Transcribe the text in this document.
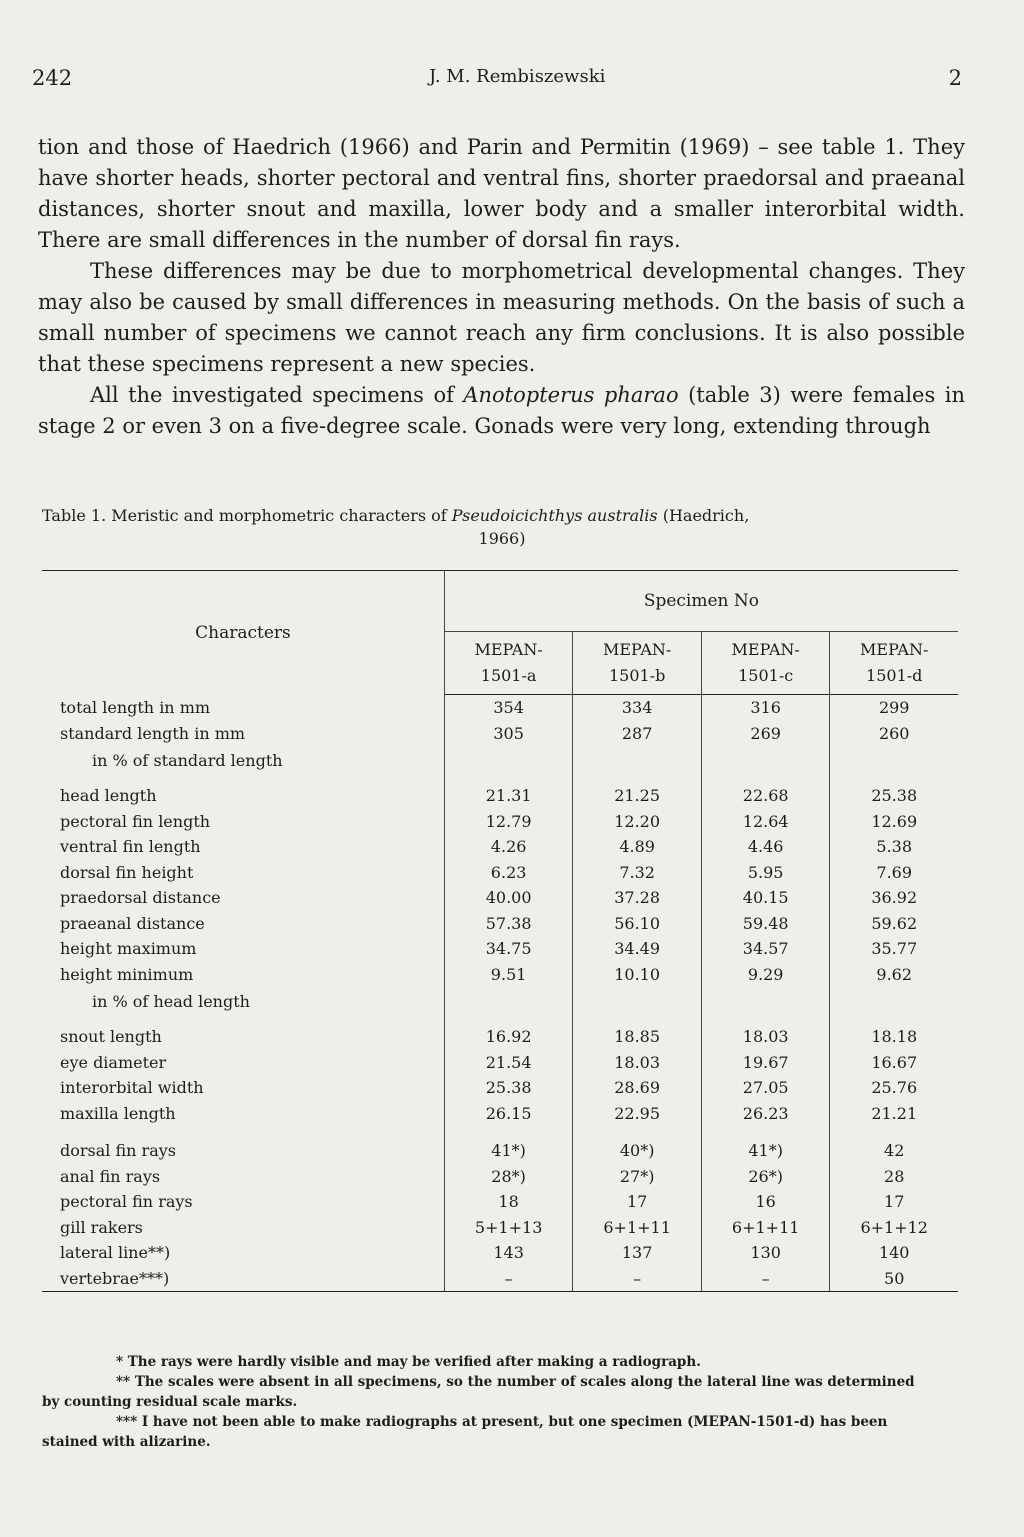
242	J. M. Rembiszewski	2

tion and those of Haedrich (1966) and Parin and Permitin (1969) – see table 1. They have shorter heads, shorter pectoral and ventral fins, shorter praedorsal and praeanal distances, shorter snout and maxilla, lower body and a smaller interorbital width. There are small differences in the number of dorsal fin rays.

These differences may be due to morphometrical developmental changes. They may also be caused by small differences in measuring methods. On the basis of such a small number of specimens we cannot reach any firm conclusions. It is also possible that these specimens represent a new species.

All the investigated specimens of Anotopterus pharao (table 3) were females in stage 2 or even 3 on a five-degree scale. Gonads were very long, extending through

Table 1. Meristic and morphometric characters of Pseudoicichthys australis (Haedrich,
1966)
Characters	Specimen No			
	MEPAN-
1501-a	MEPAN-
1501-b	MEPAN-
1501-c	MEPAN-
1501-d
total length in mm	354	334	316	299
standard length in mm	305	287	269	260
in % of standard length				
head length	21.31	21.25	22.68	25.38
pectoral fin length	12.79	12.20	12.64	12.69
ventral fin length	4.26	4.89	4.46	5.38
dorsal fin height	6.23	7.32	5.95	7.69
praedorsal distance	40.00	37.28	40.15	36.92
praeanal distance	57.38	56.10	59.48	59.62
height maximum	34.75	34.49	34.57	35.77
height minimum	9.51	10.10	9.29	9.62
in % of head length				
snout length	16.92	18.85	18.03	18.18
eye diameter	21.54	18.03	19.67	16.67
interorbital width	25.38	28.69	27.05	25.76
maxilla length	26.15	22.95	26.23	21.21

dorsal fin rays	41*)	40*)	41*)	42
anal fin rays	28*)	27*)	26*)	28
pectoral fin rays	18	17	16	17
gill rakers	5+1+13	6+1+11	6+1+11	6+1+12
lateral line**)	143	137	130	140
vertebrae***)	–	–	–	50

* The rays were hardly visible and may be verified after making a radiograph.

** The scales were absent in all specimens, so the number of scales along the lateral line was determined

by counting residual scale marks.

*** I have not been able to make radiographs at present, but one specimen (MEPAN-1501-d) has been

stained with alizarine.
